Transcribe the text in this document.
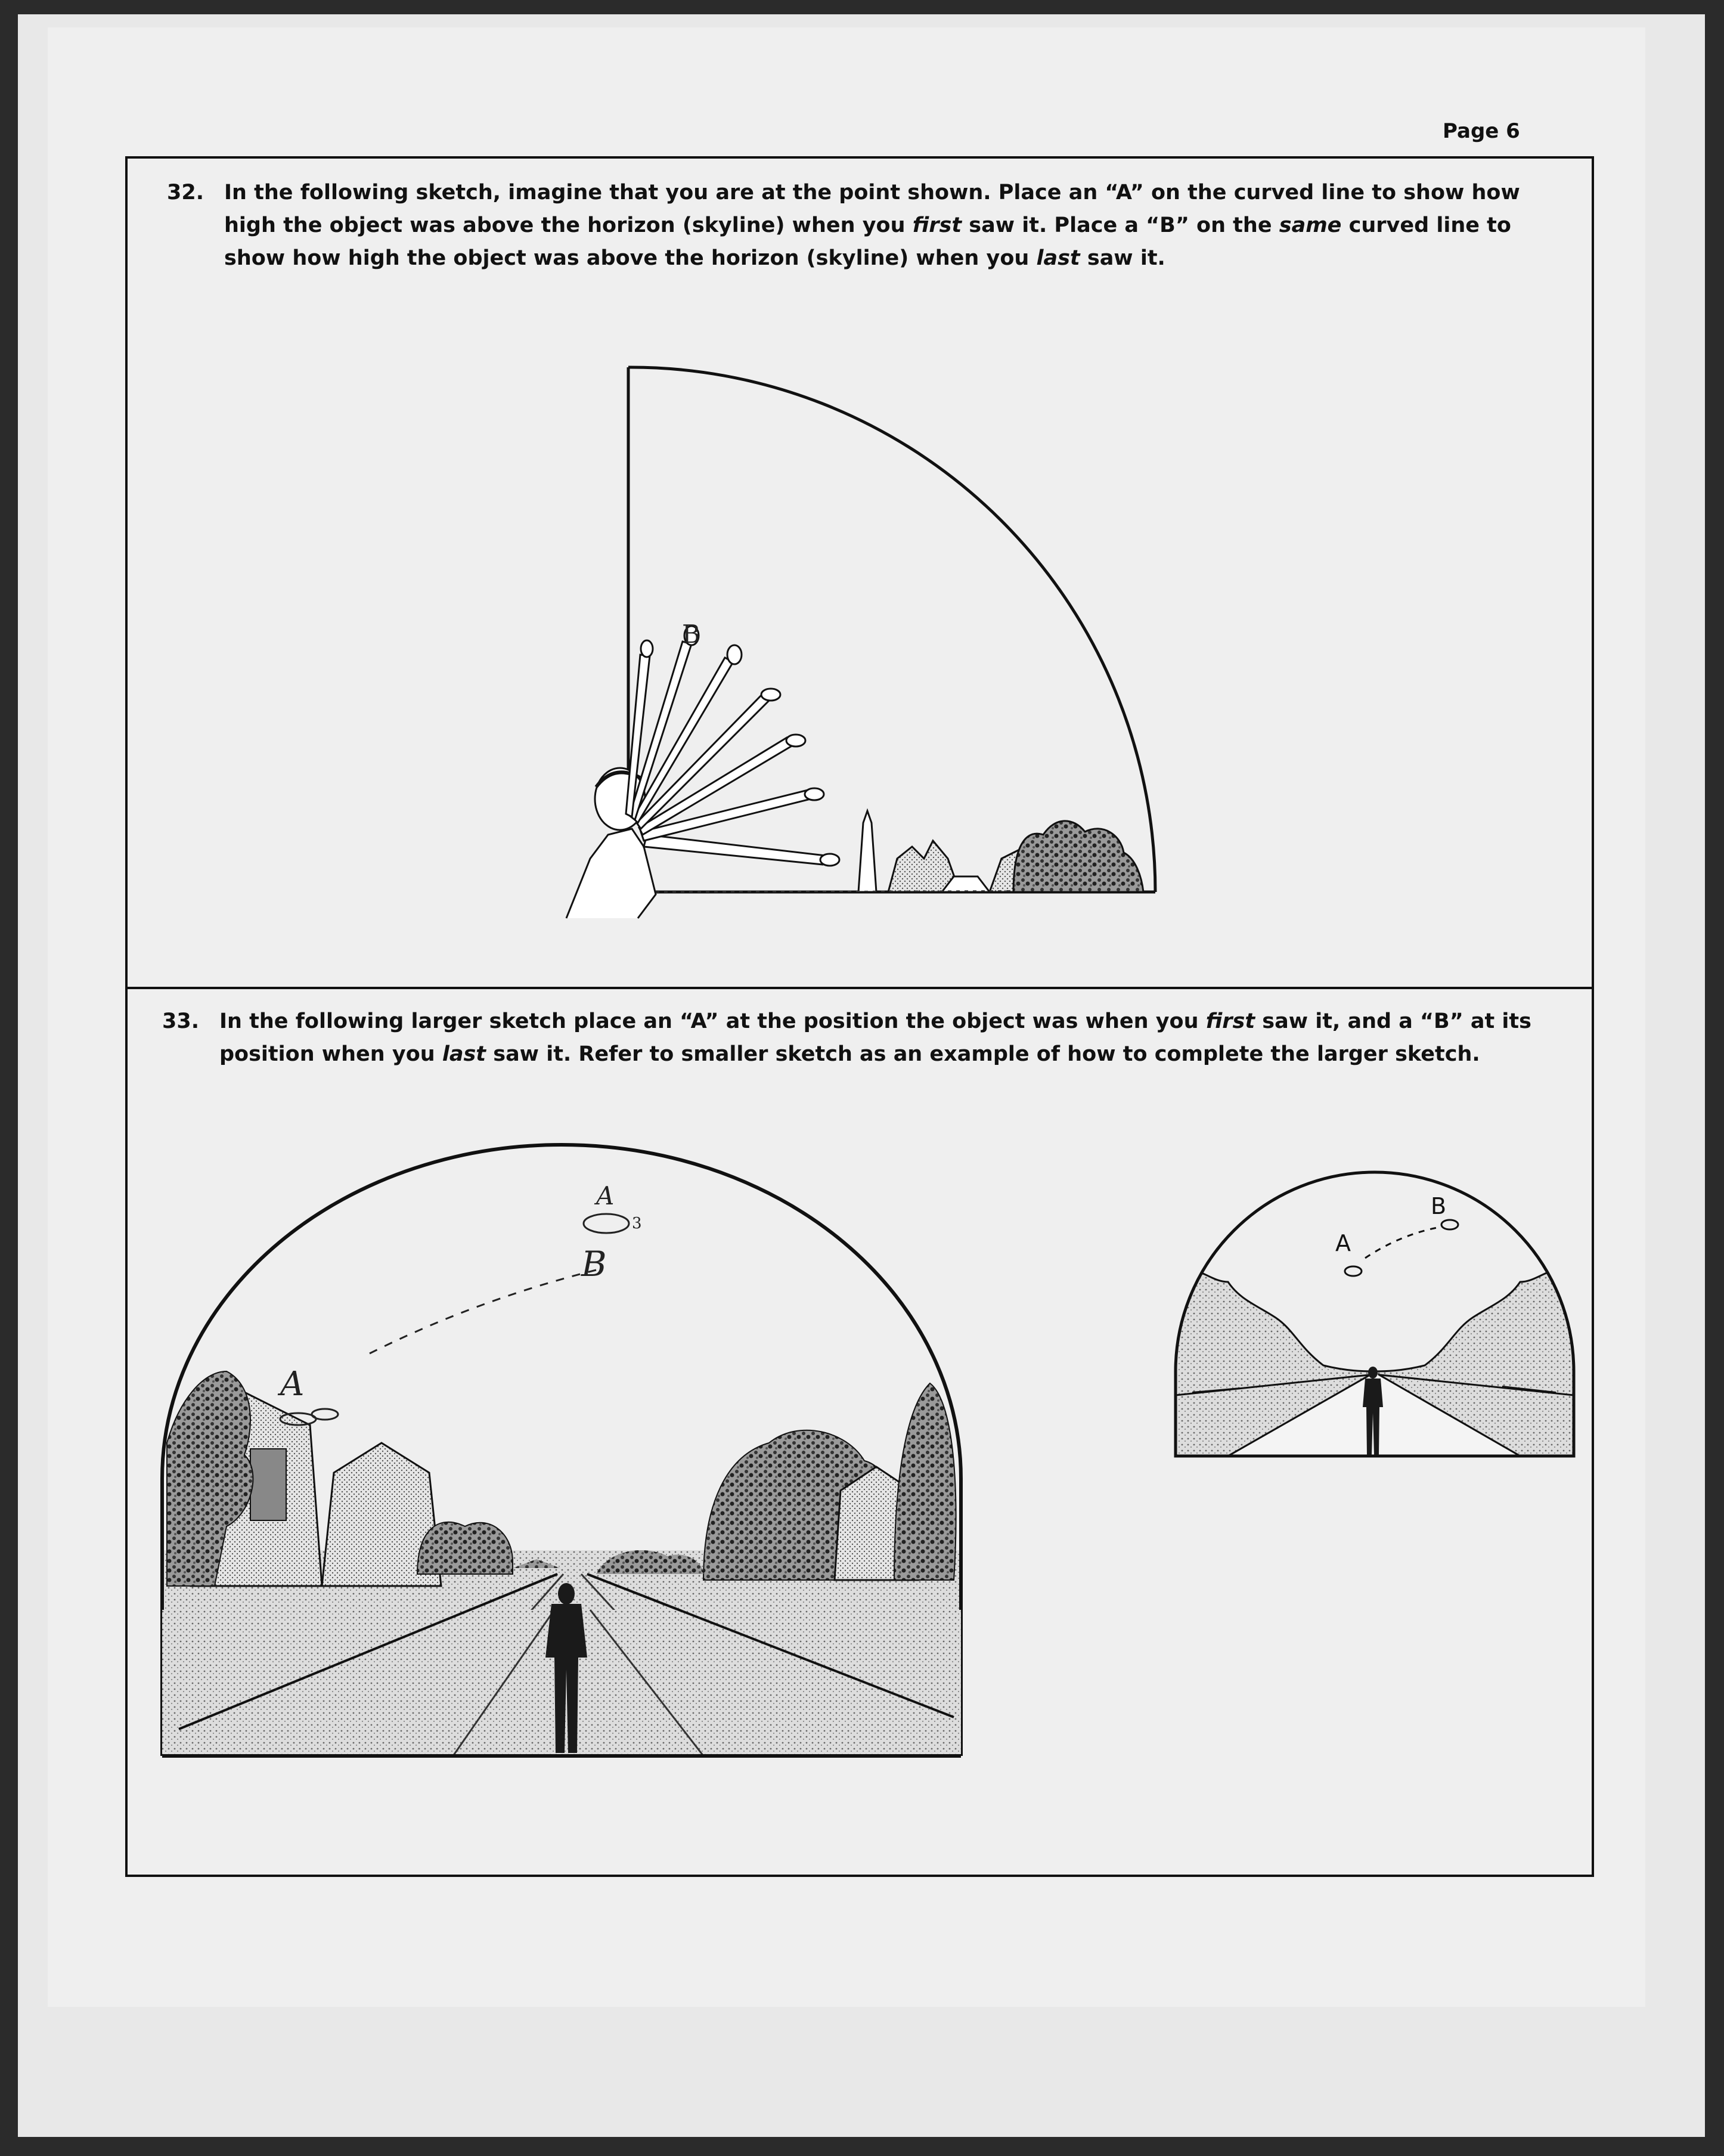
Page 6
32. In the following sketch, imagine that you are at the point shown. Place an “A” on the curved line to show how
high the object was above the horizon (skyline) when you first saw it. Place a “B” on the same curved line to
show how high the object was above the horizon (skyline) when you last saw it.
33. In the following larger sketch place an “A” at the position the object was when you first saw it, and a “B” at its
position when you last saw it. Refer to smaller sketch as an example of how to complete the larger sketch.
B
A
3
B
A
A
B
